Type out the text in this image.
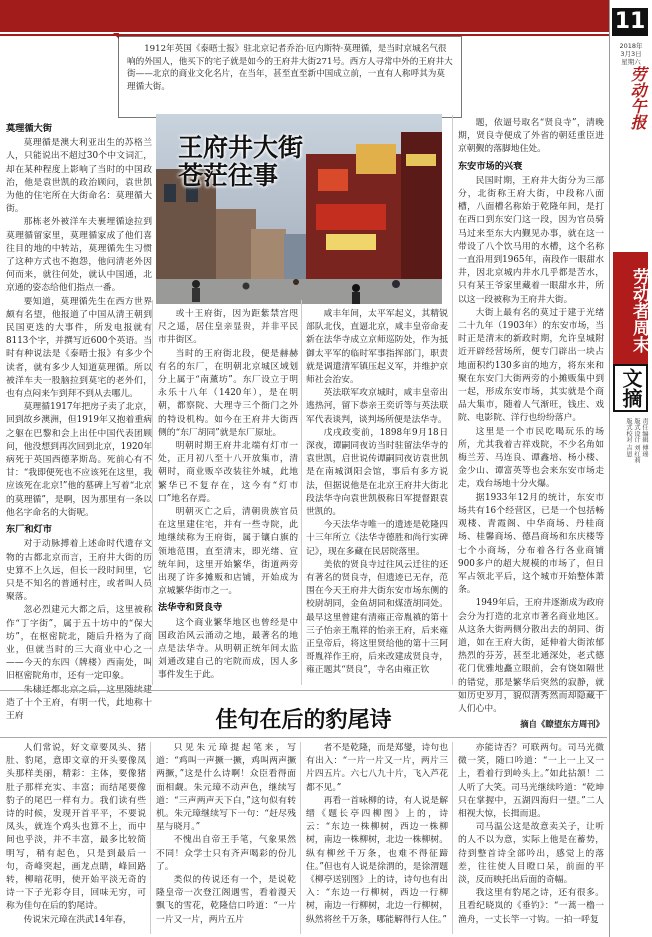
11
2018年
3月3日
星期六
劳动午报
劳动者周末
文摘
责任编辑 傅瑶
版式设计 刘红莉
版式校对 吉恩
1912年英国《泰晤士报》驻北京记者乔治·厄内斯特·莫理循，是当时京城名气很响的外国人，他买下的宅子就是如今的王府井大街271号。西方人寻常中外的王府井大街——北京的商业文化名片，在当年，甚至直至新中国成立前，一直有人称呼其为莫理循大街。
王府井大街
苍茫往事
莫理循大街

莫理循是澳大利亚出生的苏格兰人，只能说出不超过30个中文词汇，却在某种程度上影响了当时的中国政治，他是袁世凯的政治顾问，袁世凯为他的住宅所在大街命名：莫理循大街。

那栋老外被洋车夫裹埋循途拉到莫理循留家里，莫理循家成了他们喜往目的地的中转站，莫理循先生习惯了这种方式也不抱怨，他问清老外因何而来，就往何处，就认中国通，北京通的姿态给他们指点一番。

要知道，莫理循先生在西方世界颇有名望，他报道了中国从清王朝到民国更迭的大事件，所发电报就有8113个字，并撰写近600个英语。当时有种说法是《泰晤士报》有多少个读者，就有多少人知道莫理循。所以被洋车夫一股脑拉到莫宅的老外们，也有点闷来乍到拜不到从去哪儿。

莫理循1917年把房子卖了北京，回到故乡澳洲，但1919年又抱着重病之躯在巴黎和会上出任中国代表团顾问，他没想到再次回到北京，1920年病死于英国西德茅斯岛。死前心有不甘：“我即便死也不应该死在这里，我应该死在北京!”他的墓碑上写着“北京的莫理循”，是啊，因为那里有一条以他名字命名的大街呢。

东厂和灯市

对于动脉搏着上述命时代遗存文物的古都北京而言，王府井大街的历史算不上久远，但长一段时间里，它只是不知名的普通村庄，或者叫人员聚落。

忽必烈建元大都之后，这里被称作“丁字街”，属于五十坊中的“保大坊”，在枢密院北，随后升格为了商业，但就当时的三大商业中心之一——今天的东四（牌楼）西南处，叫旧枢密院角市，还有一定印象。

造了十个王府，有明一代，此地称十王府

或十王府街，因为距紫禁宫咫尺之遥，居住皇亲显贵，并非平民市井街区。

当时的王府街北段，便是赫赫有名的东厂，在明朝北京城区域划分上属于“南薰坊”。东厂设立于明永乐十八年（1420年），是在明朝，都察院、大理寺三个衙门之外的特设机构。如今在王府井大街西侧的“东厂胡同”就是东厂原址。

明朝时期王府井北端有灯市一处，正月初八至十八开放集市，清朝时，商业贩卒改装往外城，此地繁华已不复存在，这今有“灯市口”地名存焉。

明朝灭亡之后，清朝贵族官员在这里建住宅，并有一些寺院，此地继续称为王府街，属于镶白旗的领地范围，直至清末，即光绪、宣统年间，这里开始繁华，街道两旁出现了许多摊贩和店铺，开始成为京城繁华街市之一。

法华寺和贤良寺

这个商业繁华地区也曾经是中国政治风云涌动之地，最著名的地点是法华寺。从明朝正统年间太监刘通改建自己的宅院而成，因人多事件发生于此。

咸丰年间，太平军起义，其精锐部队北伐，直逼北京，咸丰皇帝命麦新在法华寺成立京师巡防处，作为抵御太平军的临时军事指挥部门，职责就是调遣清军镇压起义军，并维护京师社会治安。

英法联军攻京城时，咸丰皇帝出逃热河，留下恭亲王奕䜣等与英法联军代表谈判，谈判场所便是法华寺。

戊戌政变前，1898年9月18日深夜，谭嗣同夜访当时驻留法华寺的袁世凯，启世说传谭嗣同夜访袁世凯是在南城浏阳会馆，事后有多方说法，但据说他是在北京王府井大街北段法华寺向袁世凯极称日军提督跟袁世凯的。

今天法华寺唯一的遗迹是乾隆四十三年所立《法华寺德胜和尚行实碑记》，现在多藏在民居院落里。

美依的贤良寺过往风云迁往的还有著名的贤良寺，但遗迹已无存，范围在今天王府井大街东安市场东侧的校尉胡同，金鱼胡同和煤渣胡同处。最早这里曾建有清雍正帝胤禛的第十三子怡亲王胤祥的怡亲王府，后来雍正皇帝后，将这里贤给他的第十三阿哥胤祥作王府，后来改建成贤良寺，雍正题其“贤良”，寺名由雍正钦

题，依逼号取名“贤良寺”，清晚期，贤良寺便成了外省的朝廷重臣进京朝觐的落脚地住处。

东安市场的兴衰

民国时期，王府井大街分为三部分，北街称王府大街，中段称八面槽，八面槽名称始于乾隆年间，是打在西口到东安门这一段，因为官员骑马过来至东大内觐见办事，就在这一带设了八个饮马用的水槽，这个名称一直沿用到1965年，南段作一眼甜水井，因北京城内井水几乎都是苦水，只有某王爷家里藏着一眼甜水井，所以这一段被称为王府井大街。

大街上最有名的莫过于建于光绪二十九年（1903年）的东安市场，当时正是清末的新政时期，允许皇城附近开辟经营场所，便专门辟出一块占地面积约130多亩的地方，将东来和聚在东安门大街两旁的小摊贩集中到一起，形成东安市场，其实就是个商品大集市，随着人气渐旺，钱庄、戏院、电影院、洋行也纷纷落户。

这里是一个市民吃喝玩乐的场所，尤其我着吉祥戏院，不少名角如梅兰芳、马连良、谭鑫培、杨小楼、金少山、谭富英等也会来东安市场走走，戏台场地十分火爆。

据1933年12月的统计，东安市场共有16个经营区，已是一个包括畅观楼、青霞阁、中华商场、丹桂商场、桂馨商场、德昌商场和东庆楼等七个小商场，分布着各行各业商铺900多户的超大规模的市场了，但日军占领北平后，这个城市开始整体萧条。

1949年后，王府井逐渐成为政府会分为打造的北京市著名商业地区。从这条大街两侧分散出去的胡同、街道，如在王府大街，延伸着大街浓郁热烈的芬芳，甚至北通深处，老式德花门优雅地矗立眼前，会有饶如隔世的错觉，那是繁华后突然的寂静，就如历史岁月，貌似清秀然而却隐藏千人们心中。

摘自《瞭望东方周刊》

佳句在后的豹尾诗

人们常说，好文章要凤头、猪肚、豹尾，意即文章的开头要像凤头那样美丽，精彩：主体，要像猪肚子那样充实、丰富；而结尾要像豹子的尾巴一样有力。我们读有些诗的时候，发现开首平平，不要说凤头，就连个鸡头也算不上，而中间也乎淡，并不丰富，最多比较简明写，稍有起色，只是到最后一句，奇峰突起，画龙点睛，峰回路转，柳暗花明，使开始平淡无奇的诗一下子光彩夺目，回味无穷，可称为佳句在后的豹尾诗。

传说宋元璋在洪武14年春，

只见朱元璋提起笔来，写道：“鸡叫一声撅一撅，鸡叫两声撅两撅，”这是什么诗啊！众臣看得面面相觑。朱元璋不动声色，继续写道：“三声两声天下白，”这句似有转机。朱元璋继续写下一句：“赶尽残星与晓月。”

不愧出自帝王手笔，气象果然不同！众学士只有齐声喝彩的份儿了。

类似的传说还有一个，是说乾隆皇帝一次登江阁遇雪，看着漫天飘飞的雪花，乾隆信口吟道：“一片一片又一片，两片五片

者不是乾隆，而是郑燮，诗句也有出入：“一片一片又一片，两片三片四五片。六七八九十片，飞入芦花都不见。”

再看一首咏柳的诗，有人说是解缙《题长亭四柳图》上的，诗云：“东边一株柳树，西边一株柳树，南边一株柳树，北边一株柳树。纵有柳丝千万条，也难不得征蹄住。”但也有人说是徐渭的，是徐渭题《柳亭送别图》上的诗，诗句也有出入：“东边一行柳树，西边一行柳树，南边一行柳树，北边一行柳树，纵然将丝千万条，哪能解得行人住。”

亦能诗否？可联两句。司马光微微一笑，随口吟道：“一上一上又一上，看着行到岭头上。”如此拈颔！二人听了大笑。司马光继续吟道：“乾坤只在掌握中，五湖四海归一望。”二人相视大惊，长揖而退。

司马温公这是故意卖关子，让听的人不以为意，实际上他是在蓄势，待到整首诗全部吟出，感觉上的落差，往往使人目瞪口呆，前面的平淡，反而映托出后面的奇幅。

我这里有豹尾之诗，还有很多。且看纪晓岚的《垂钓》：“一蒿一橹一渔舟，一丈长竿一寸钩。一拍一呼复
